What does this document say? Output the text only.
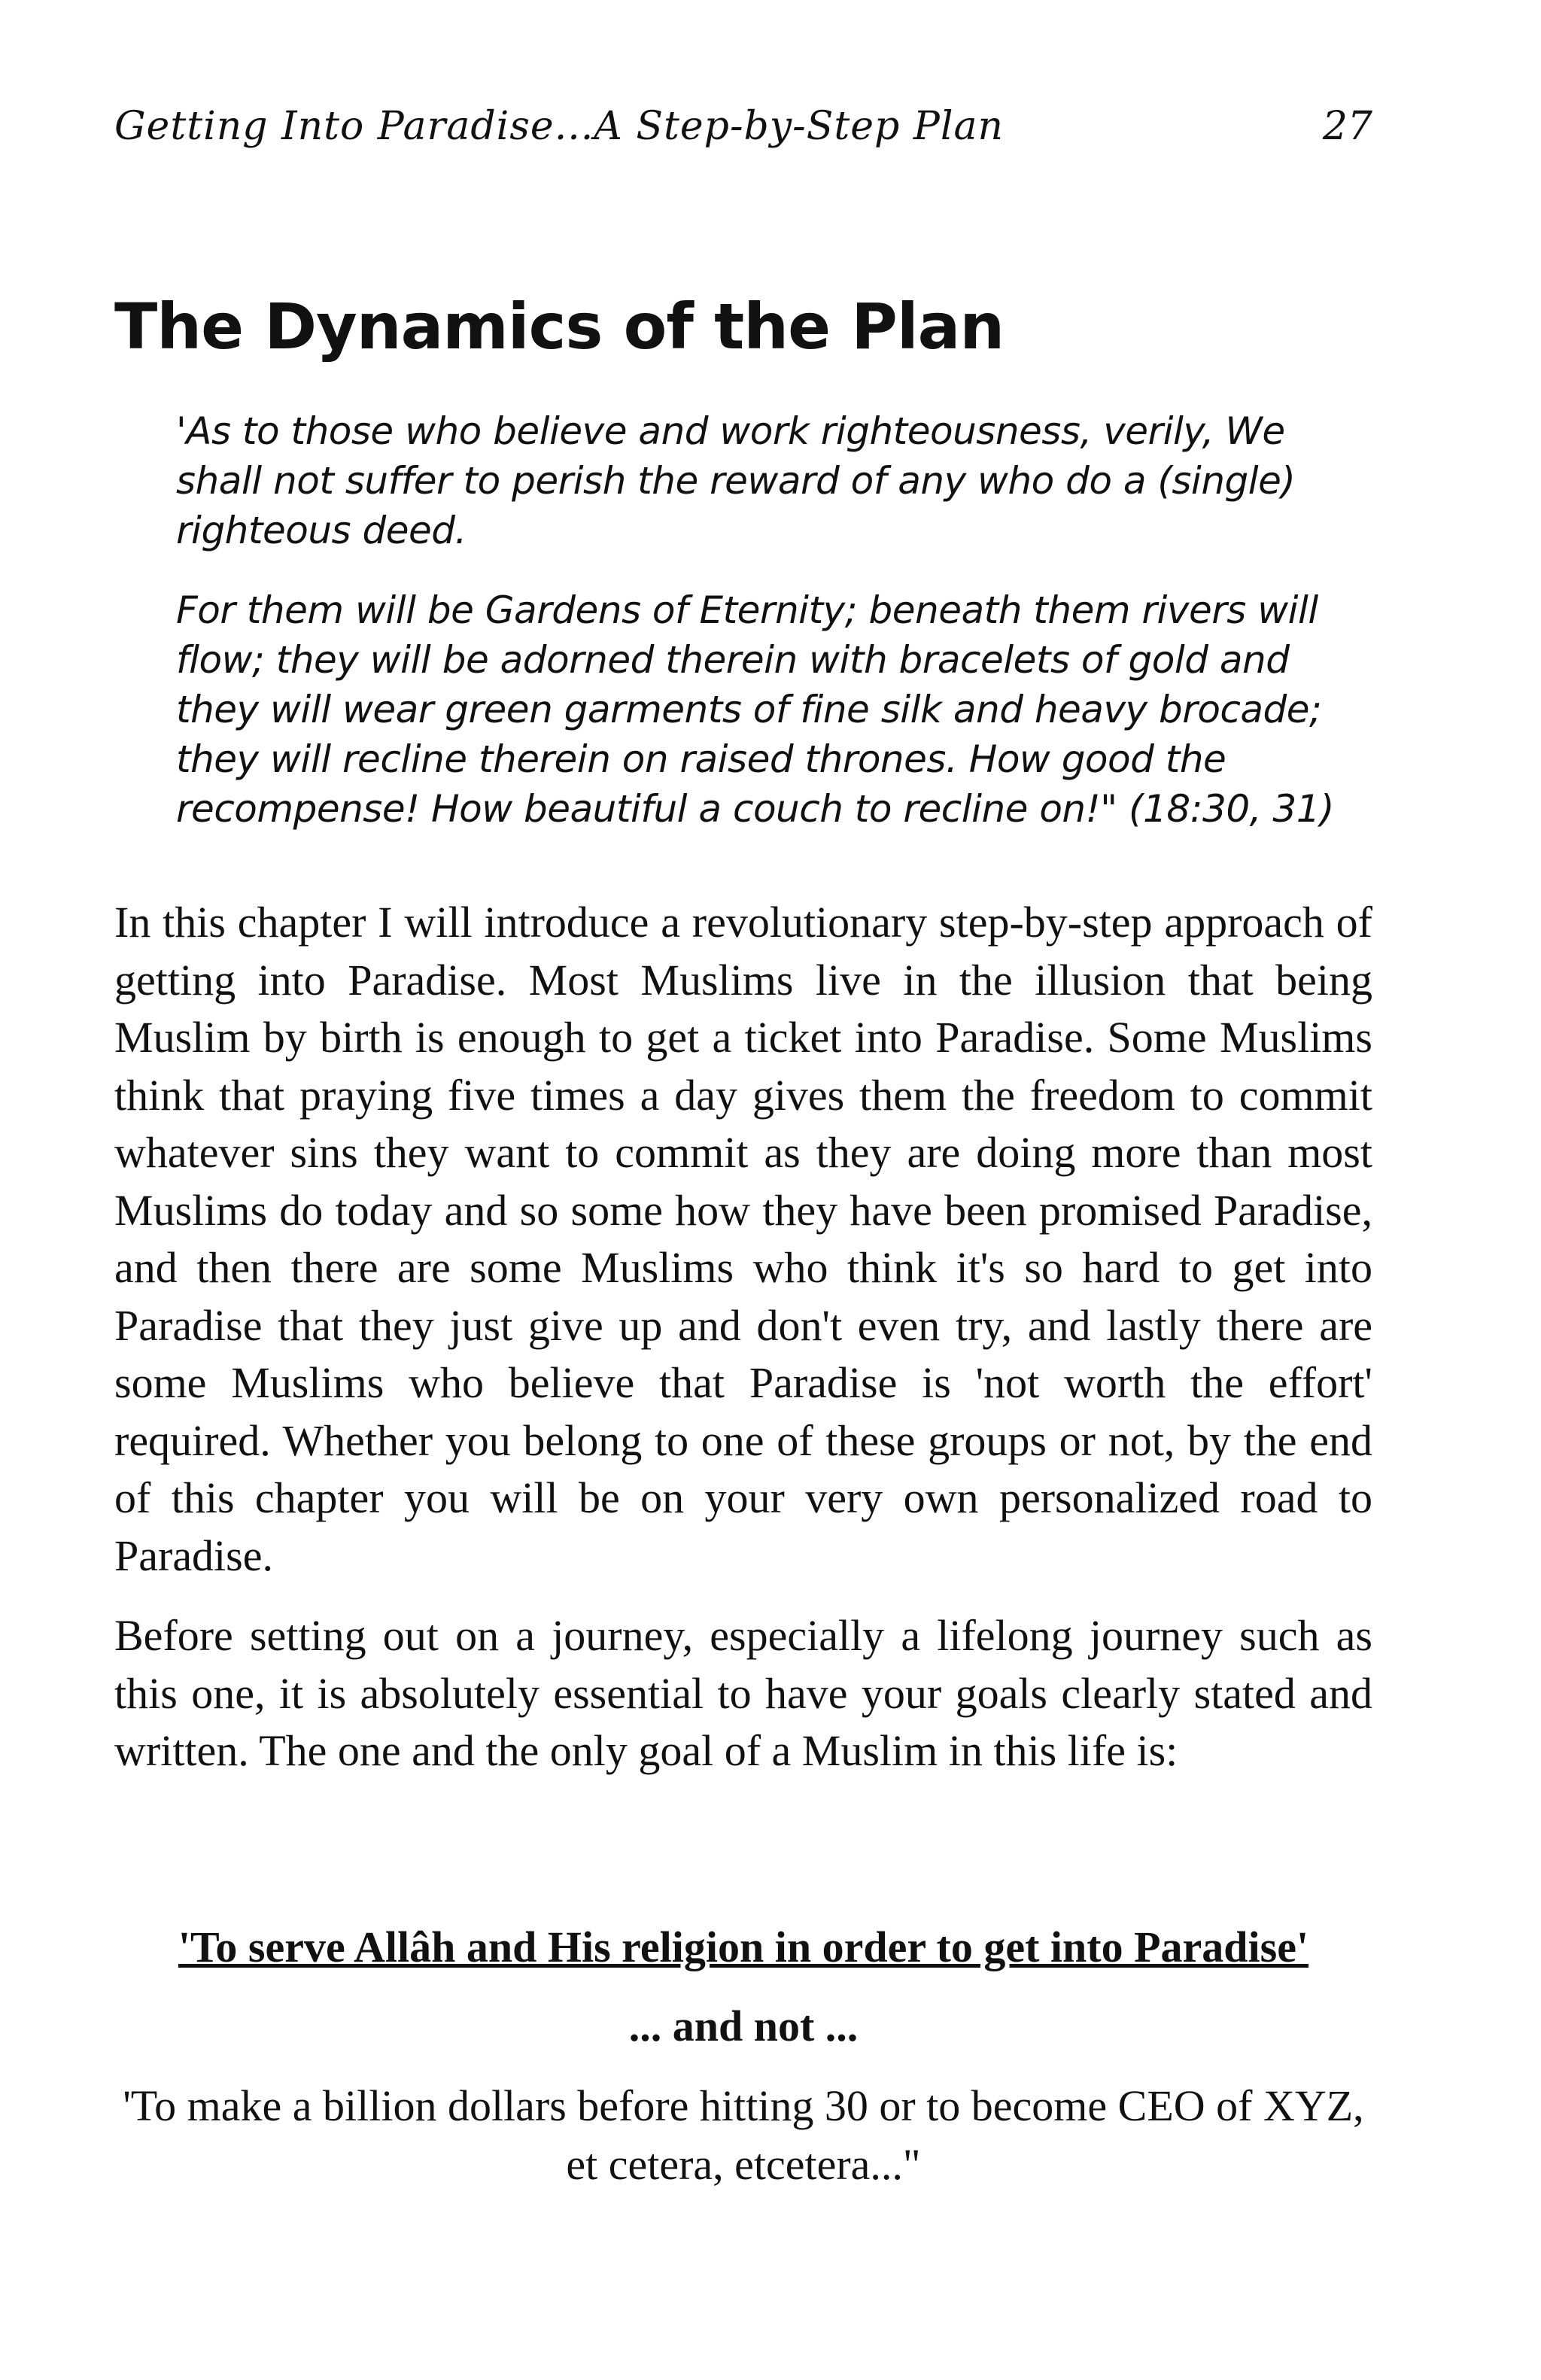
Getting Into Paradise...A Step-by-Step Plan	27
The Dynamics of the Plan

'As to those who believe and work righteousness, verily, We shall not suffer to perish the reward of any who do a (single) righteous deed.

For them will be Gardens of Eternity; beneath them rivers will flow; they will be adorned therein with bracelets of gold and they will wear green garments of fine silk and heavy brocade; they will recline therein on raised thrones. How good the recompense! How beautiful a couch to recline on!" (18:30, 31)

In this chapter I will introduce a revolutionary step-by-step approach of getting into Paradise. Most Muslims live in the illusion that being Muslim by birth is enough to get a ticket into Paradise. Some Muslims think that praying five times a day gives them the freedom to commit whatever sins they want to commit as they are doing more than most Muslims do today and so some how they have been promised Paradise, and then there are some Muslims who think it's so hard to get into Paradise that they just give up and don't even try, and lastly there are some Muslims who believe that Paradise is 'not worth the effort' required. Whether you belong to one of these groups or not, by the end of this chapter you will be on your very own personalized road to Paradise.

Before setting out on a journey, especially a lifelong journey such as this one, it is absolutely essential to have your goals clearly stated and written. The one and the only goal of a Muslim in this life is:

'To serve Allâh and His religion in order to get into Paradise'
... and not ...
'To make a billion dollars before hitting 30 or to become CEO of XYZ, et cetera, etcetera..."
